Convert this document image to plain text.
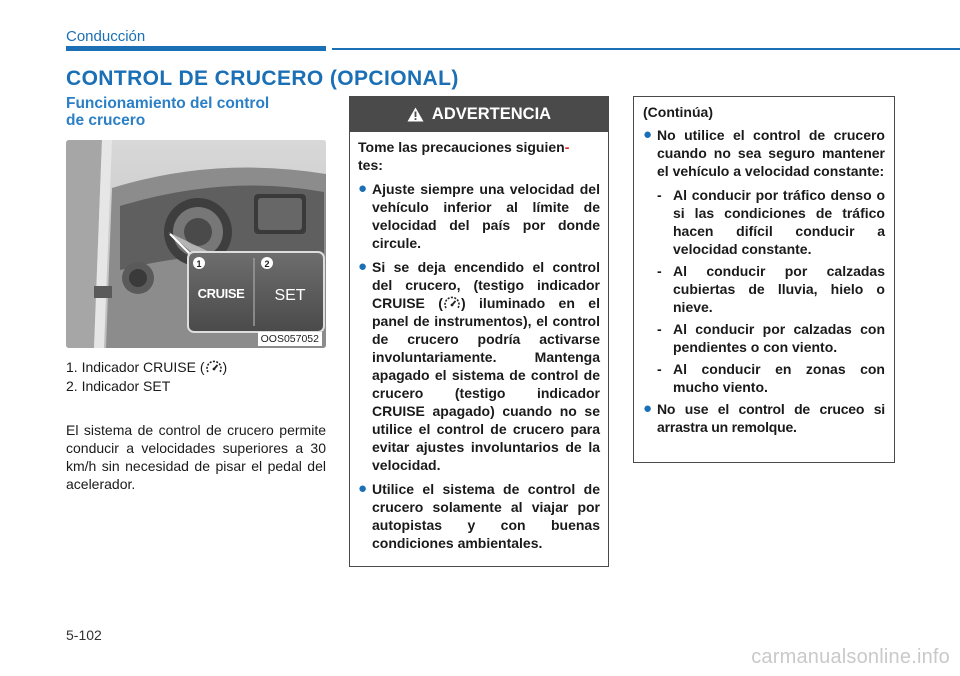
Conducción
CONTROL DE CRUCERO (OPCIONAL)
Funcionamiento del control
de crucero
1	2
CRUISE SET
OOS057052
1. Indicador CRUISE ( )
2. Indicador SET
El sistema de control de crucero permite conducir a velocidades superiores a 30 km/h sin necesidad de pisar el pedal del acelerador.
ADVERTENCIA

Tome las precauciones siguien-
tes:

● Ajuste siempre una velocidad del vehículo inferior al límite de velocidad del país por donde circule.
● Si se deja encendido el control del crucero, (testigo indicador CRUISE ( ) iluminado en el panel de instrumentos), el control de crucero podría activarse involuntariamente. Mantenga apagado el sistema de control de crucero (testigo indicador CRUISE apagado) cuando no se utilice el control de crucero para evitar ajustes involuntarios de la velocidad.
● Utilice el sistema de control de crucero solamente al viajar por autopistas y con buenas condiciones ambientales.

(Continúa)

● No utilice el control de crucero cuando no sea seguro mantener el vehículo a velocidad constante:
- Al conducir por tráfico denso o si las condiciones de tráfico hacen difícil conducir a velocidad constante.
- Al conducir por calzadas cubiertas de lluvia, hielo o nieve.
- Al conducir por calzadas con pendientes o con viento.
- Al conducir en zonas con mucho viento.
● No use el control de cruceo si arrastra un remolque.
5-102
carmanualsonline.info
